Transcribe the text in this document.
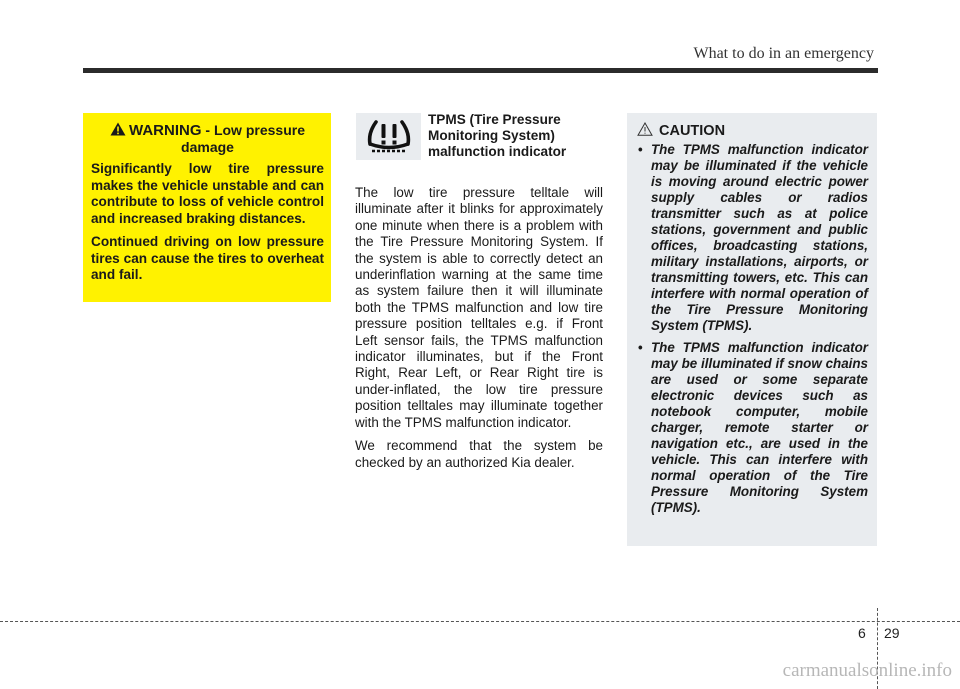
What to do in an emergency
WARNING - Low pressure
damage

Significantly low tire pressure makes the vehicle unstable and can contribute to loss of vehicle control and increased braking distances.

Continued driving on low pressure tires can cause the tires to overheat and fail.

TPMS (Tire Pressure
Monitoring System)
malfunction indicator

The low tire pressure telltale will illuminate after it blinks for approximately one minute when there is a problem with the Tire Pressure Monitoring System. If the system is able to correctly detect an underinflation warning at the same time as system failure then it will illuminate both the TPMS malfunction and low tire pressure position telltales e.g. if Front Left sensor fails, the TPMS malfunction indicator illuminates, but if the Front Right, Rear Left, or Rear Right tire is under-inflated, the low tire pressure position telltales may illuminate together with the TPMS malfunction indicator.

We recommend that the system be checked by an authorized Kia dealer.

CAUTION
• The TPMS malfunction indicator may be illuminated if the vehicle is moving around electric power supply cables or radios transmitter such as at police stations, government and public offices, broadcasting stations, military installations, airports, or transmitting towers, etc. This can interfere with normal operation of the Tire Pressure Monitoring System (TPMS).
• The TPMS malfunction indicator may be illuminated if snow chains are used or some separate electronic devices such as notebook computer, mobile charger, remote starter or navigation etc., are used in the vehicle. This can interfere with normal operation of the Tire Pressure Monitoring System (TPMS).
6 29
carmanualsonline.info
